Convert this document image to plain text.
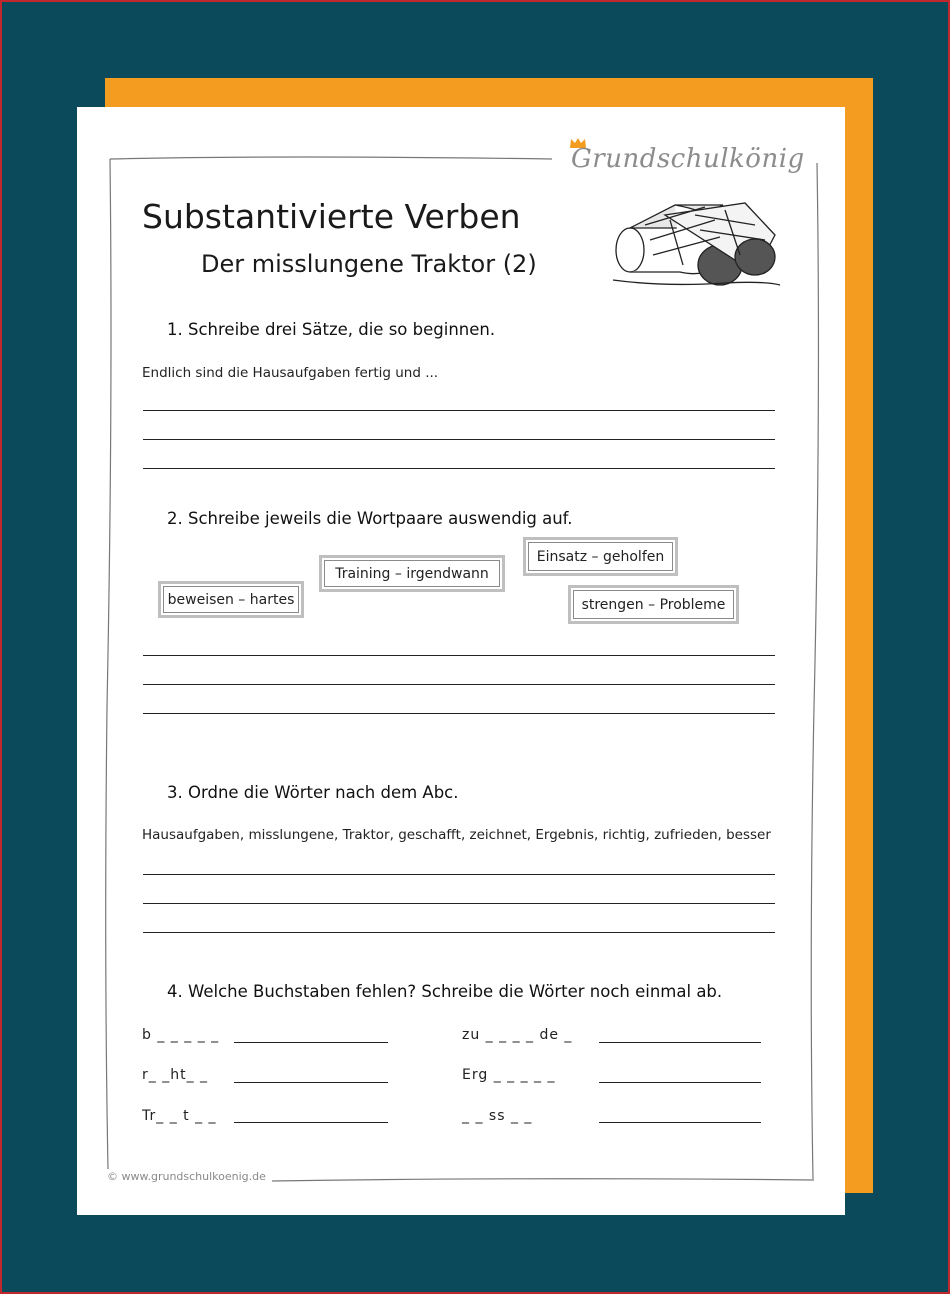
Grundschulkönig
Substantivierte Verben
Der misslungene Traktor (2)
1. Schreibe drei Sätze, die so beginnen.
Endlich sind die Hausaufgaben fertig und ...
2. Schreibe jeweils die Wortpaare auswendig auf.
beweisen – hartes
Training – irgendwann
Einsatz – geholfen
strengen – Probleme
3. Ordne die Wörter nach dem Abc.
Hausaufgaben, misslungene, Traktor, geschafft, zeichnet, Ergebnis, richtig, zufrieden, besser
4. Welche Buchstaben fehlen? Schreibe die Wörter noch einmal ab.
b _ _ _ _ _	zu _ _ _ _ de _
r_ _ht_ _	Erg _ _ _ _ _
Tr_ _ t _ _	_ _ ss _ _
© www.grundschulkoenig.de
